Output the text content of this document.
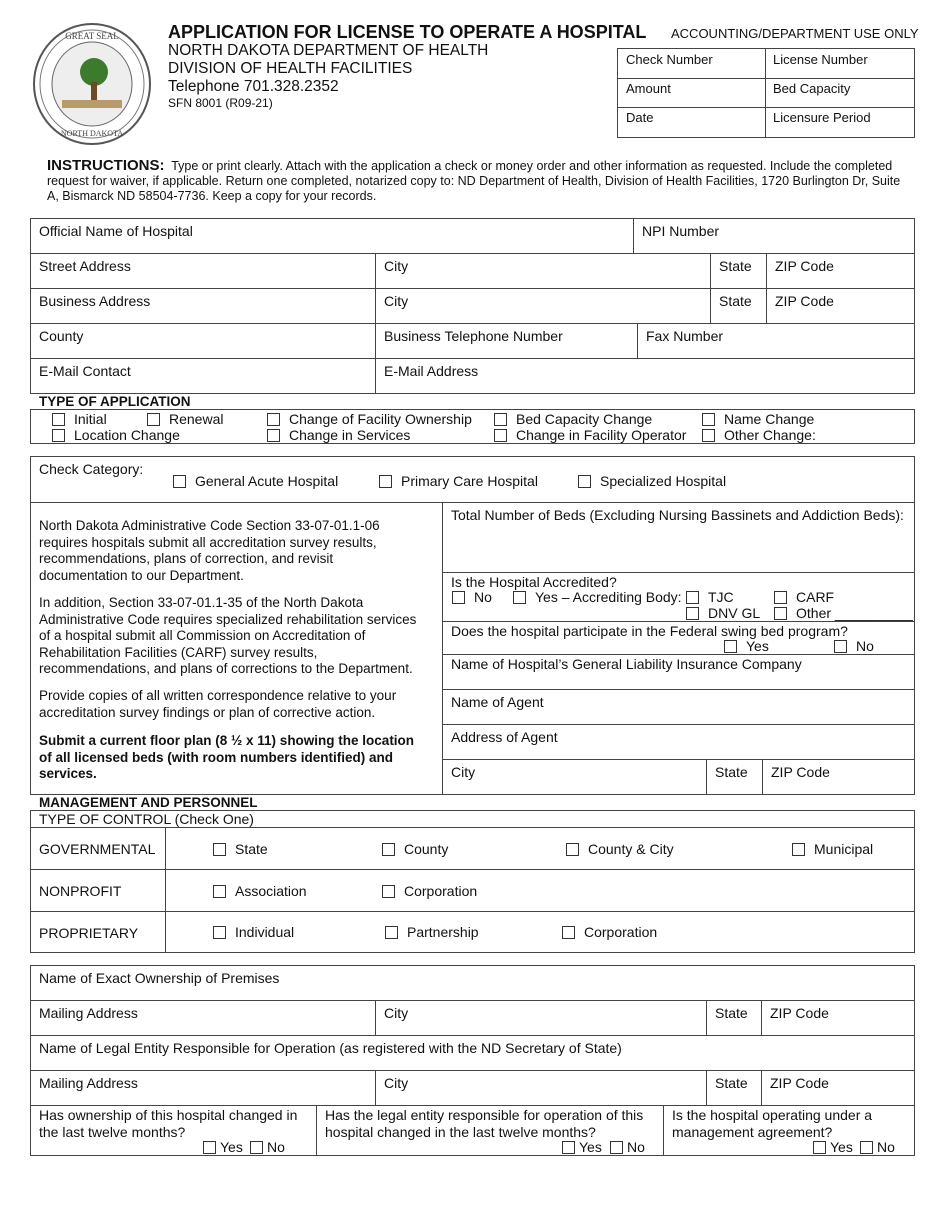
GREAT SEAL
NORTH DAKOTA
APPLICATION FOR LICENSE TO OPERATE A HOSPITAL
NORTH DAKOTA DEPARTMENT OF HEALTH
DIVISION OF HEALTH FACILITIES
Telephone 701.328.2352
SFN 8001 (R09-21)
ACCOUNTING/DEPARTMENT USE ONLY
Check Number	License Number
Amount	Bed Capacity
Date	Licensure Period
INSTRUCTIONS: Type or print clearly. Attach with the application a check or money order and other information as requested. Include the completed
request for waiver, if applicable. Return one completed, notarized copy to: ND Department of Health, Division of Health Facilities, 1720 Burlington Dr, Suite
A, Bismarck ND 58504-7736. Keep a copy for your records.
Official Name of Hospital	NPI Number
Street Address	City	State ZIP Code
Business Address	City	State ZIP Code
County	Business Telephone Number	Fax Number
E-Mail Contact	E-Mail Address
TYPE OF APPLICATION
Initial	Renewal	Change of Facility Ownership	Bed Capacity Change	Name Change
Location Change	Change in Services	Change in Facility Operator	Other Change:
Check Category:
General Acute Hospital	Primary Care Hospital	Specialized Hospital
North Dakota Administrative Code Section 33-07-01.1-06
requires hospitals submit all accreditation survey results,
recommendations, plans of correction, and revisit
documentation to our Department.
In addition, Section 33-07-01.1-35 of the North Dakota
Administrative Code requires specialized rehabilitation services
of a hospital submit all Commission on Accreditation of
Rehabilitation Facilities (CARF) survey results,
recommendations, and plans of corrections to the Department.
Provide copies of all written correspondence relative to your
accreditation survey findings or plan of corrective action.
Submit a current floor plan (8 ½ x 11) showing the location
of all licensed beds (with room numbers identified) and
services.
Total Number of Beds (Excluding Nursing Bassinets and Addiction Beds):
Is the Hospital Accredited?
No	Yes – Accrediting Body:	TJC	CARF
DNV GL	Other __________
Does the hospital participate in the Federal swing bed program?
Yes	No
Name of Hospital’s General Liability Insurance Company
Name of Agent
Address of Agent
City	State ZIP Code
MANAGEMENT AND PERSONNEL
TYPE OF CONTROL (Check One)
GOVERNMENTAL	State	County	County & City	Municipal
NONPROFIT	Association	Corporation
PROPRIETARY	Individual	Partnership	Corporation
Name of Exact Ownership of Premises
Mailing Address	City	State ZIP Code
Name of Legal Entity Responsible for Operation (as registered with the ND Secretary of State)
Mailing Address	City	State ZIP Code
Has ownership of this hospital changed in
the last twelve months?
Yes	No
Has the legal entity responsible for operation of this
hospital changed in the last twelve months?
Yes	No
Is the hospital operating under a
management agreement?
Yes	No
